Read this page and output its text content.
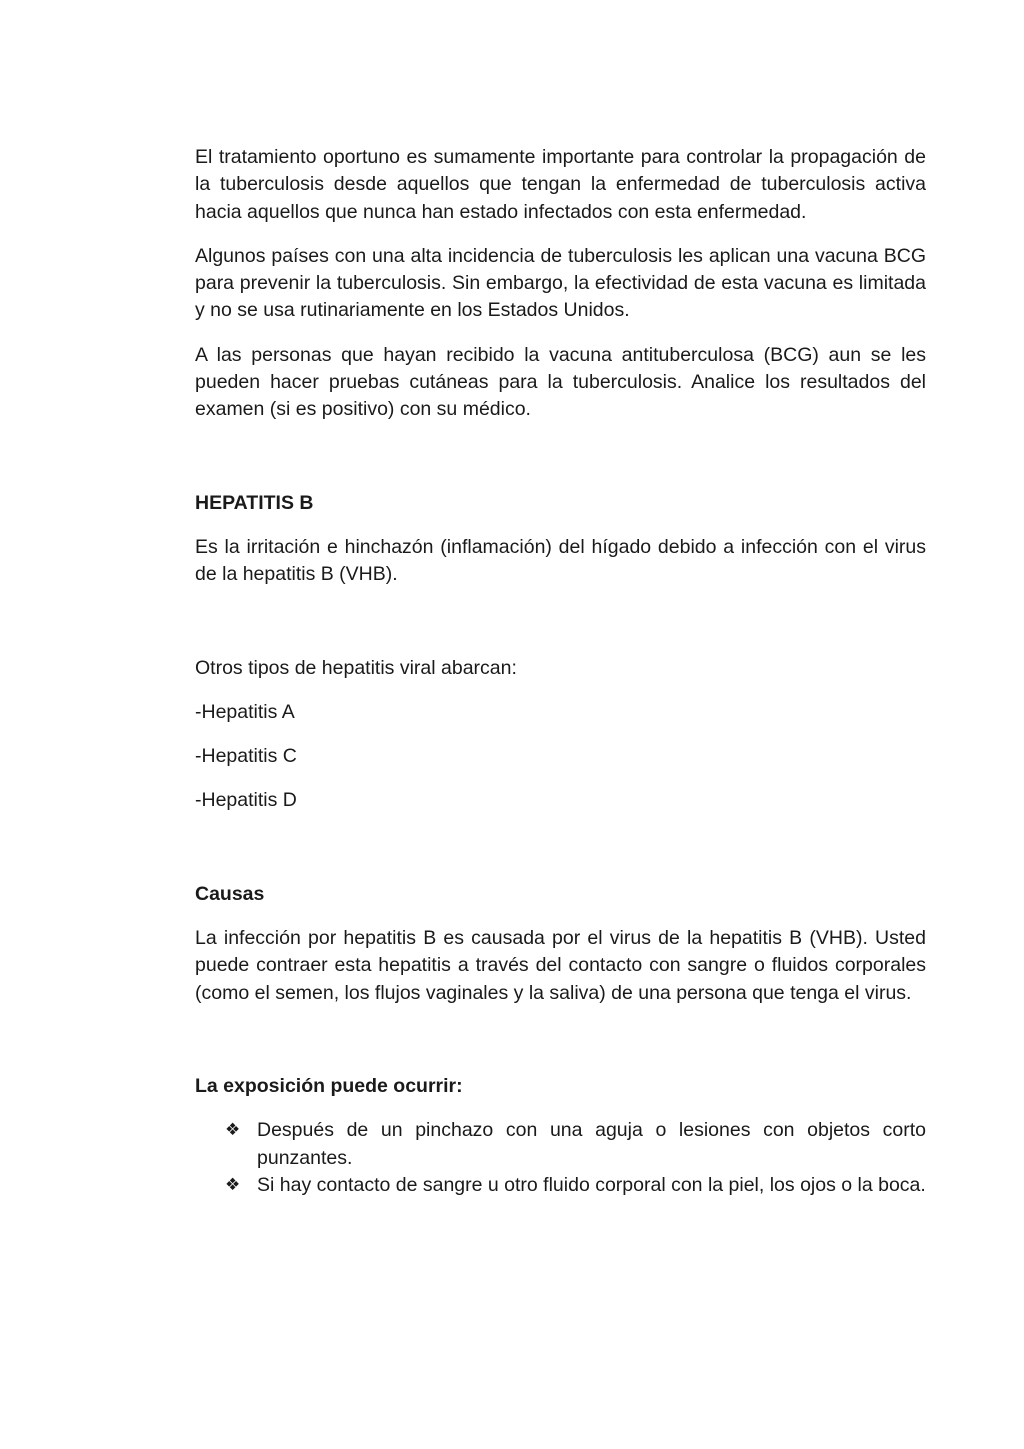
El tratamiento oportuno es sumamente importante para controlar la propagación de la tuberculosis desde aquellos que tengan la enfermedad de tuberculosis activa hacia aquellos que nunca han estado infectados con esta enfermedad.

Algunos países con una alta incidencia de tuberculosis les aplican una vacuna BCG para prevenir la tuberculosis. Sin embargo, la efectividad de esta vacuna es limitada y no se usa rutinariamente en los Estados Unidos.

A las personas que hayan recibido la vacuna antituberculosa (BCG) aun se les pueden hacer pruebas cutáneas para la tuberculosis. Analice los resultados del examen (si es positivo) con su médico.

HEPATITIS B

Es la irritación e hinchazón (inflamación) del hígado debido a infección con el virus de la hepatitis B (VHB).

Otros tipos de hepatitis viral abarcan:

-Hepatitis A

-Hepatitis C

-Hepatitis D

Causas

La infección por hepatitis B es causada por el virus de la hepatitis B (VHB). Usted puede contraer esta hepatitis a través del contacto con sangre o fluidos corporales (como el semen, los flujos vaginales y la saliva) de una persona que tenga el virus.

La exposición puede ocurrir:

❖ Después de un pinchazo con una aguja o lesiones con objetos corto punzantes.
❖ Si hay contacto de sangre u otro fluido corporal con la piel, los ojos o la boca.
